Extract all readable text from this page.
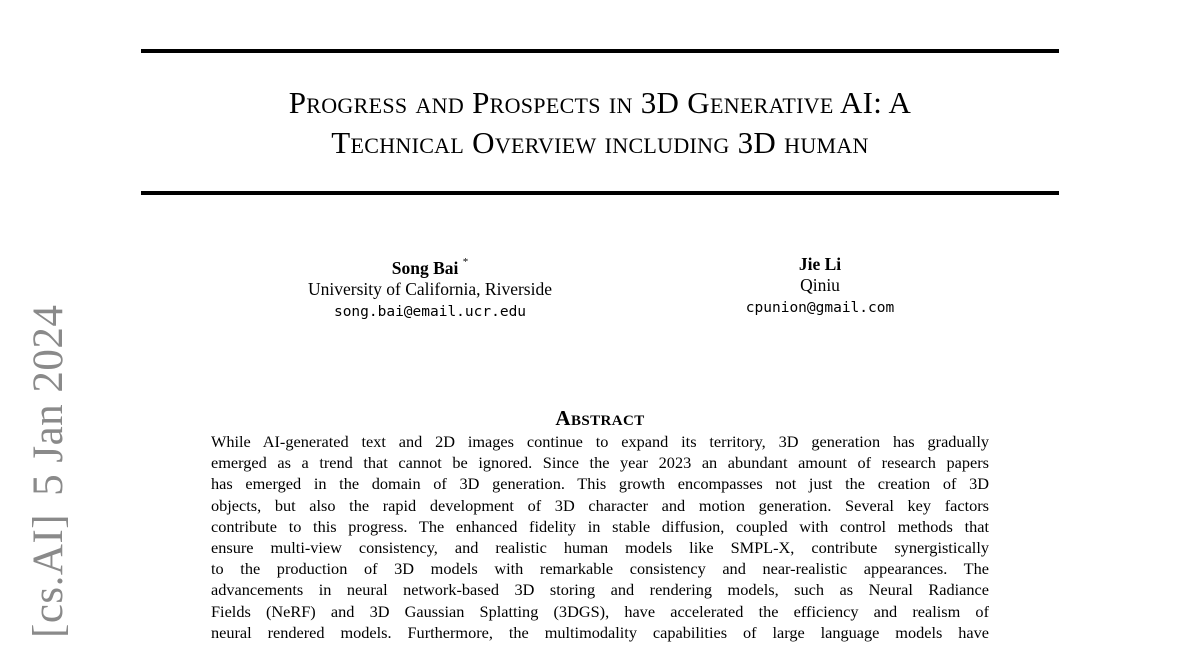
Progress and Prospects in 3D Generative AI: A
Technical Overview including 3D human
Song Bai *
University of California, Riverside
song.bai@email.ucr.edu
Jie Li
Qiniu
cpunion@gmail.com
Abstract
While AI-generated text and 2D images continue to expand its territory, 3D generation has gradually
emerged as a trend that cannot be ignored. Since the year 2023 an abundant amount of research papers
has emerged in the domain of 3D generation. This growth encompasses not just the creation of 3D
objects, but also the rapid development of 3D character and motion generation. Several key factors
contribute to this progress. The enhanced fidelity in stable diffusion, coupled with control methods that
ensure multi-view consistency, and realistic human models like SMPL-X, contribute synergistically
to the production of 3D models with remarkable consistency and near-realistic appearances. The
advancements in neural network-based 3D storing and rendering models, such as Neural Radiance
Fields (NeRF) and 3D Gaussian Splatting (3DGS), have accelerated the efficiency and realism of
neural rendered models. Furthermore, the multimodality capabilities of large language models have
[cs.AI]5 Jan 2024
